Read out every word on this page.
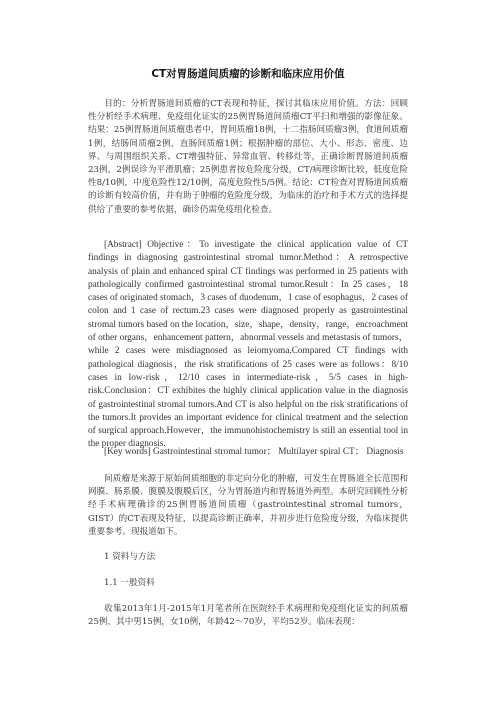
CT对胃肠道间质瘤的诊断和临床应用价值
目的：分析胃肠道间质瘤的CT表现和特征，探讨其临床应用价值。方法：回顾性分析经手术病理、免疫组化证实的25例胃肠道间质瘤CT平扫和增强的影像征象。结果：25例胃肠道间质瘤患者中，胃间质瘤18例，十二指肠间质瘤3例，食道间质瘤1例，结肠间质瘤2例，直肠间质瘤1例；根据肿瘤的部位、大小、形态、密度、边界、与周围组织关系、CT增强特征、异常血管、转移灶等，正确诊断胃肠道间质瘤23例，2例误诊为平滑肌瘤；25例患者按危险度分级，CT/病理诊断比较，低度危险性8/10例，中度危险性12/10例，高度危险性5/5例。结论：CT检查对胃肠道间质瘤的诊断有较高价值，并有助于肿瘤的危险度分级，为临床的治疗和手术方式的选择提供给了重要的参考依据，确诊仍需免疫组化检查。
[Abstract] Objective：To investigate the clinical application value of CT findings in diagnosing gastrointestinal stromal tumor.Method：A retrospective analysis of plain and enhanced spiral CT findings was performed in 25 patients with pathologically confirmed gastrointestinal stromal tumor.Result：In 25 cases，18 cases of originated stomach，3 cases of duodenum，1 case of esophagus，2 cases of colon and 1 case of rectum.23 cases were diagnosed properly as gastrointestinal stromal tumors based on the location，size，shape，density，range，encroachment of other organs，enhancement pattern，abnormal vessels and metastasis of tumors，while 2 cases were misdiagnosed as leiomyoma.Compared CT findings with pathological diagnosis，the risk stratifications of 25 cases were as follows：8/10 cases in low-risk，12/10 cases in intermediate-risk，5/5 cases in high-risk.Conclusion：CT exhibites the highly clinical application value in the diagnosis of gastrointestinal stromal tumors.And CT is also helpful on the risk stratifications of the tumors.It provides an important evidence for clinical treatment and the selection of surgical approach.However，the immunohistochemistry is still an essential tool in the proper diagnosis.
[Key words] Gastrointestinal stromal tumor； Multilayer spiral CT； Diagnosis
间质瘤是来源于原始间质细胞的非定向分化的肿瘤，可发生在胃肠道全长范围和网膜、肠系膜、腹膜及腹膜后区，分为胃肠道内和胃肠道外两型。本研究回顾性分析经手术病理确诊的25例胃肠道间质瘤（gastrointestinal stromal tumors，GIST）的CT表现及特征，以提高诊断正确率，并初步进行危险度分级，为临床提供重要参考。现报道如下。
1 资料与方法
1.1 一般资料
收集2013年1月-2015年1月笔者所在医院经手术病理和免疫组化证实的间质瘤25例，其中男15例，女10例，年龄42～70岁，平均52岁。临床表现：
